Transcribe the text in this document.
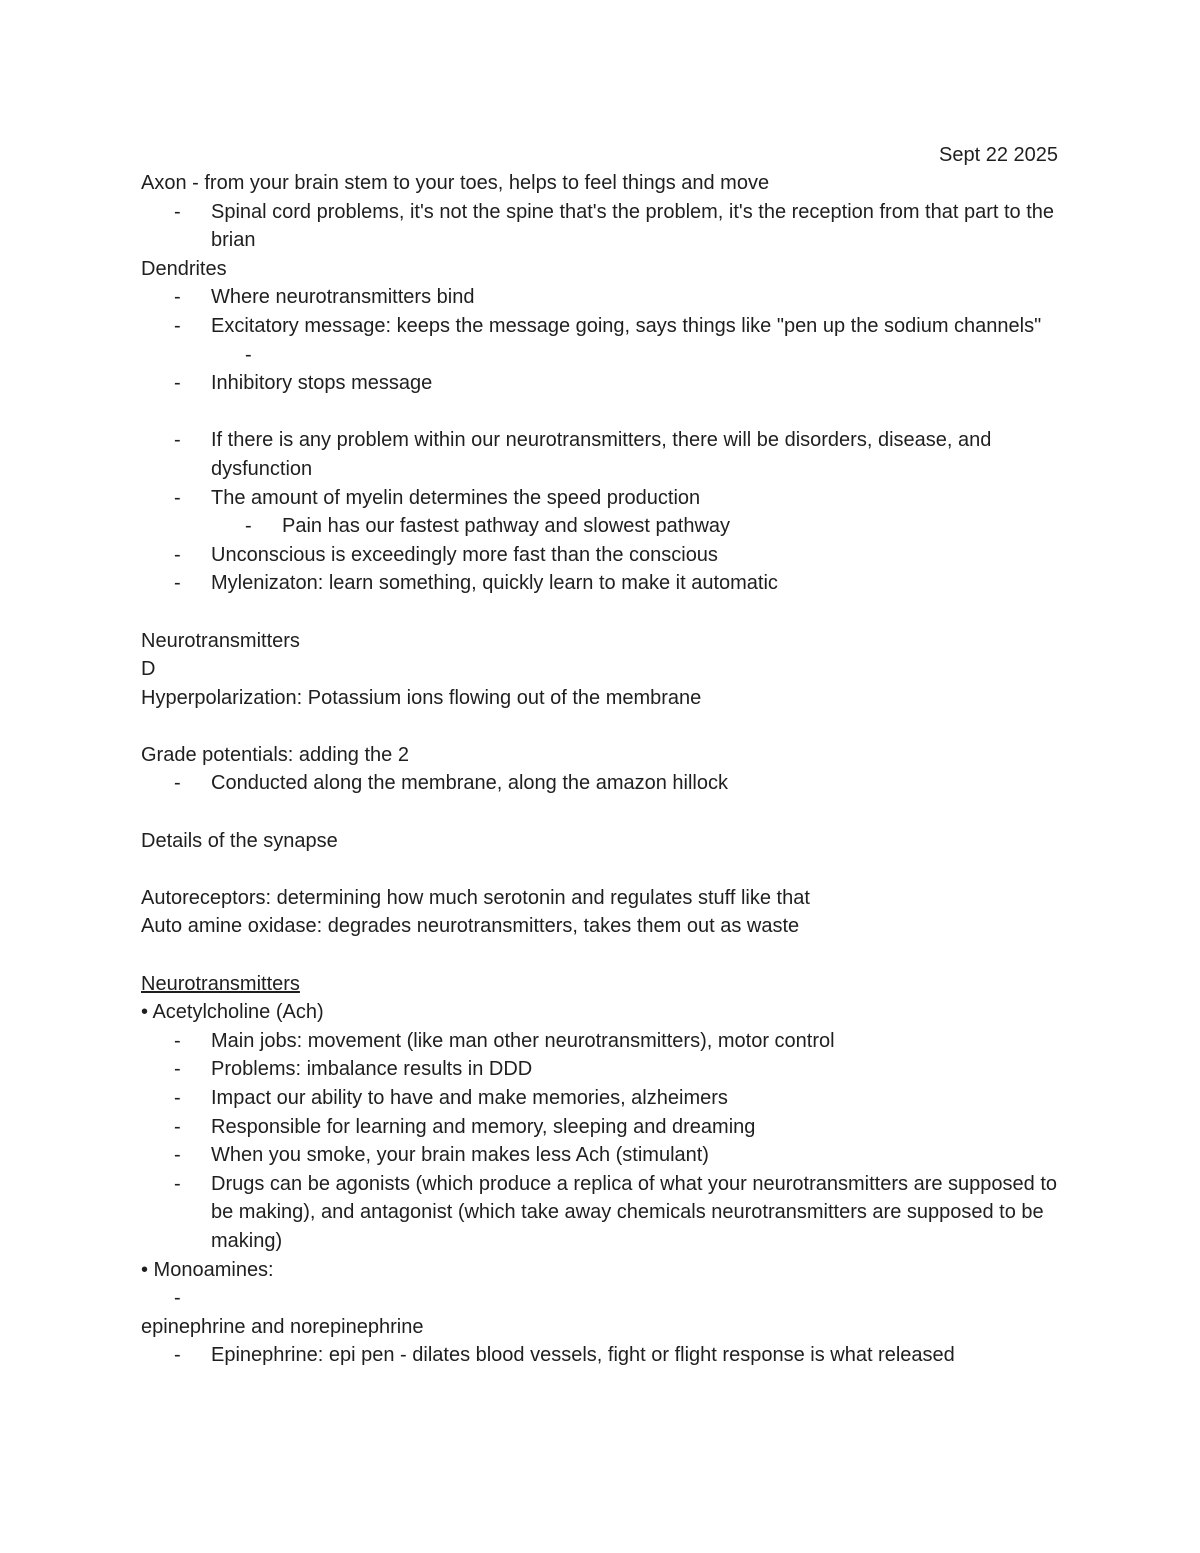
Sept 22 2025
Axon - from your brain stem to your toes, helps to feel things and move
- Spinal cord problems, it's not the spine that's the problem, it's the reception from that part to the brian
Dendrites
- Where neurotransmitters bind
- Excitatory message: keeps the message going, says things like "pen up the sodium channels"
-
- Inhibitory stops message
- If there is any problem within our neurotransmitters, there will be disorders, disease, and dysfunction
- The amount of myelin determines the speed production
- Pain has our fastest pathway and slowest pathway
- Unconscious is exceedingly more fast than the conscious
- Mylenizaton: learn something, quickly learn to make it automatic
Neurotransmitters
D
Hyperpolarization: Potassium ions flowing out of the membrane
Grade potentials: adding the 2
- Conducted along the membrane, along the amazon hillock
Details of the synapse
Autoreceptors: determining how much serotonin and regulates stuff like that
Auto amine oxidase: degrades neurotransmitters, takes them out as waste
Neurotransmitters
• Acetylcholine (Ach)
- Main jobs: movement (like man other neurotransmitters), motor control
- Problems: imbalance results in DDD
- Impact our ability to have and make memories, alzheimers
- Responsible for learning and memory, sleeping and dreaming
- When you smoke, your brain makes less Ach (stimulant)
- Drugs can be agonists (which produce a replica of what your neurotransmitters are supposed to be making), and antagonist (which take away chemicals neurotransmitters are supposed to be making)
• Monoamines:
-
epinephrine and norepinephrine
- Epinephrine: epi pen - dilates blood vessels, fight or flight response is what released
